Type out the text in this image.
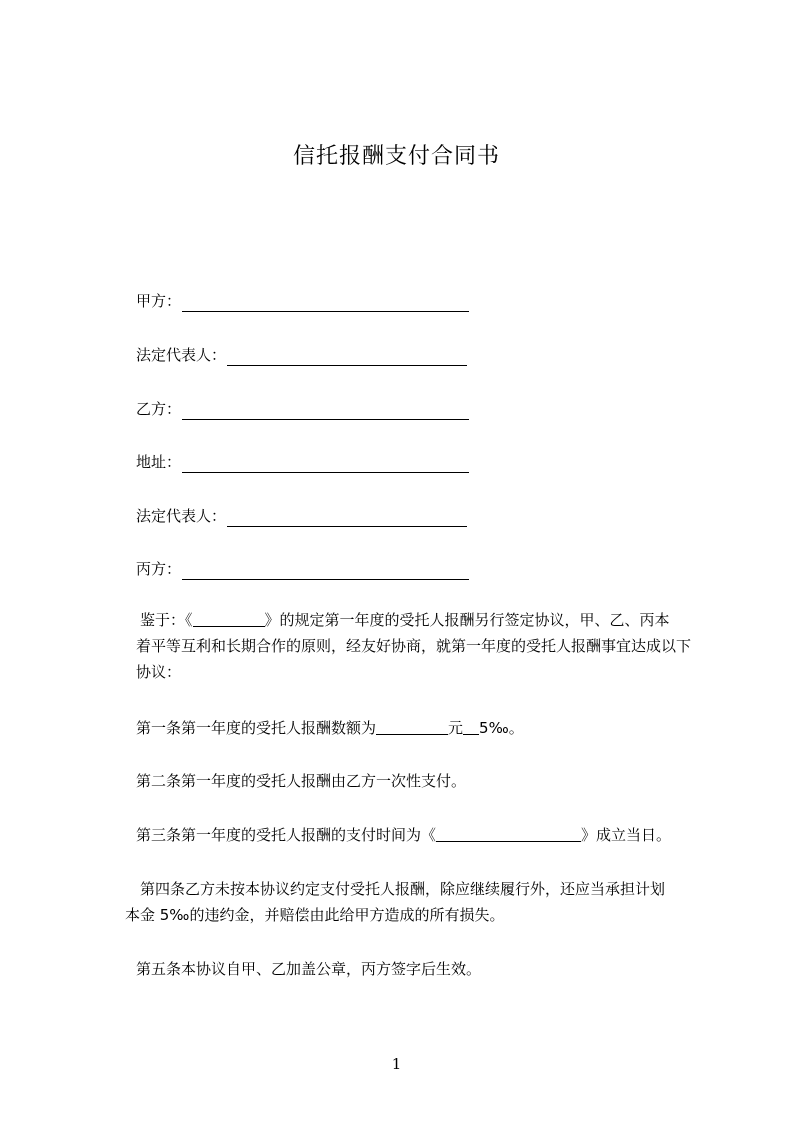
信托报酬支付合同书
甲方：
法定代表人：
乙方：
地址：
法定代表人：
丙方：
鉴于：《	》的规定第一年度的受托人报酬另行签定协议，甲、乙、丙本
着平等互利和长期合作的原则，经友好协商，就第一年度的受托人报酬事宜达成以下
协议：
第一条第一年度的受托人报酬数额为	元 5‰。
第二条第一年度的受托人报酬由乙方一次性支付。
第三条第一年度的受托人报酬的支付时间为《	》成立当日。
第四条乙方未按本协议约定支付受托人报酬，除应继续履行外，还应当承担计划
本金 5‰的违约金，并赔偿由此给甲方造成的所有损失。
第五条本协议自甲、乙加盖公章，丙方签字后生效。
1
